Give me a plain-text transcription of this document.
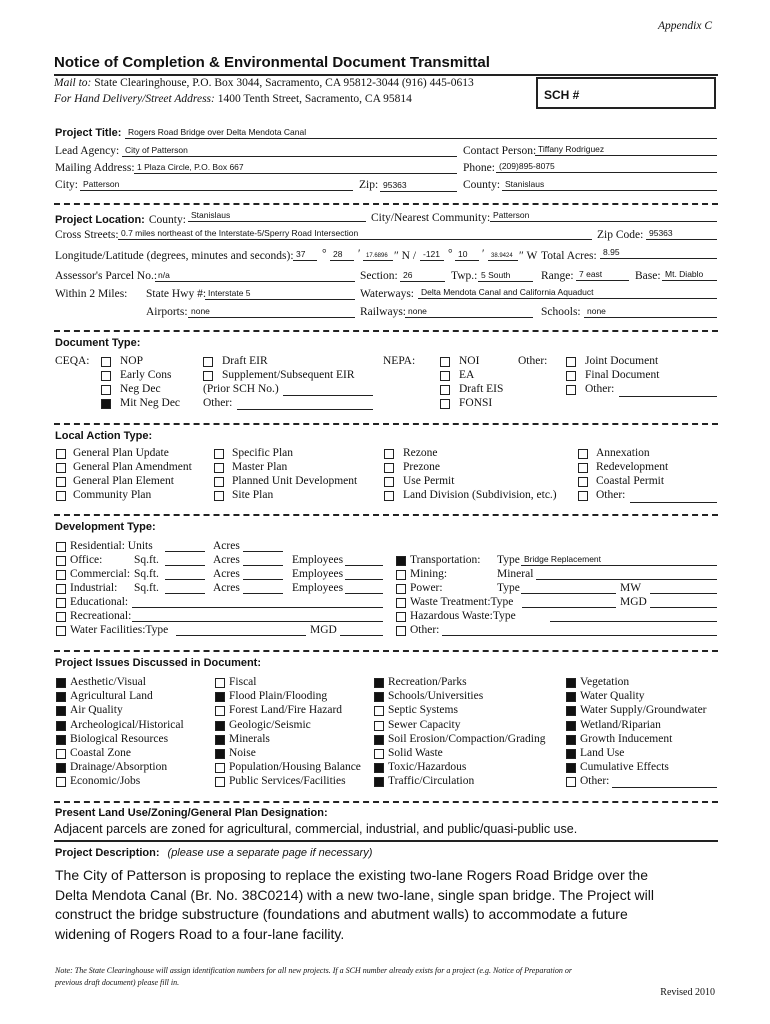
Appendix C
Notice of Completion & Environmental Document Transmittal
Mail to: State Clearinghouse, P.O. Box 3044, Sacramento, CA 95812-3044 (916) 445-0613
For Hand Delivery/Street Address: 1400 Tenth Street, Sacramento, CA 95814	SCH #
Project Title: Rogers Road Bridge over Delta Mendota Canal
Lead Agency: City of Patterson	Contact Person: Tiffany Rodriguez
Mailing Address: 1 Plaza Circle, P.O. Box 667	Phone: (209)895-8075
City: Patterson	Zip: 95363	County: Stanislaus
Project Location: County: Stanislaus	City/Nearest Community: Patterson
Cross Streets: 0.7 miles northeast of the Interstate-5/Sperry Road Intersection	Zip Code: 95363
Longitude/Latitude (degrees, minutes and seconds): 37 ° 28 ′ 17.6896 ″ N / -121 ° 10 ′ 38.9424 ″ W Total Acres: 8.95
Assessor's Parcel No.: n/a	Section: 26	Twp.: 5 South	Range: 7 east	Base: Mt. Diablo
Within 2 Miles: State Hwy #: Interstate 5	Waterways: Delta Mendota Canal and California Aquaduct
Airports: none	Railways: none	Schools: none
Document Type:
CEQA:	NOP
Early Cons
Neg Dec
Mit Neg Dec
Draft EIR
Supplement/Subsequent EIR
(Prior SCH No.)
Other:
NEPA:	NOI
EA
Draft EIS
FONSI
Other:	Joint Document
Final Document
Other:
Local Action Type:
General Plan Update
General Plan Amendment
General Plan Element
Community Plan
Specific Plan
Master Plan
Planned Unit Development
Site Plan
Rezone
Prezone
Use Permit
Land Division (Subdivision, etc.)
Annexation
Redevelopment
Coastal Permit
Other:
Development Type:
Residential: Units	Acres
Office:	Sq.ft.	Acres	Employees
Commercial: Sq.ft.	Acres	Employees
Industrial: Sq.ft.	Acres	Employees
Educational:
Recreational:
Water Facilities:Type	MGD
Transportation: Type Bridge Replacement
Mining:	Mineral
Power:	Type	MW
Waste Treatment:Type	MGD
Hazardous Waste:Type
Other:
Project Issues Discussed in Document:
Aesthetic/Visual
Agricultural Land
Air Quality
Archeological/Historical
Biological Resources
Coastal Zone
Drainage/Absorption
Economic/Jobs
Fiscal
Flood Plain/Flooding
Forest Land/Fire Hazard
Geologic/Seismic
Minerals
Noise
Population/Housing Balance
Public Services/Facilities
Recreation/Parks
Schools/Universities
Septic Systems
Sewer Capacity
Soil Erosion/Compaction/Grading
Solid Waste
Toxic/Hazardous
Traffic/Circulation
Vegetation
Water Quality
Water Supply/Groundwater
Wetland/Riparian
Growth Inducement
Land Use
Cumulative Effects
Other:
Present Land Use/Zoning/General Plan Designation:
Adjacent parcels are zoned for agricultural, commercial, industrial, and public/quasi-public use.
Project Description: (please use a separate page if necessary)
The City of Patterson is proposing to replace the existing two-lane Rogers Road Bridge over the
Delta Mendota Canal (Br. No. 38C0214) with a new two-lane, single span bridge. The Project will
construct the bridge substructure (foundations and abutment walls) to accommodate a future
widening of Rogers Road to a four-lane facility.
Note: The State Clearinghouse will assign identification numbers for all new projects. If a SCH number already exists for a project (e.g. Notice of Preparation or
previous draft document) please fill in.
Revised 2010
